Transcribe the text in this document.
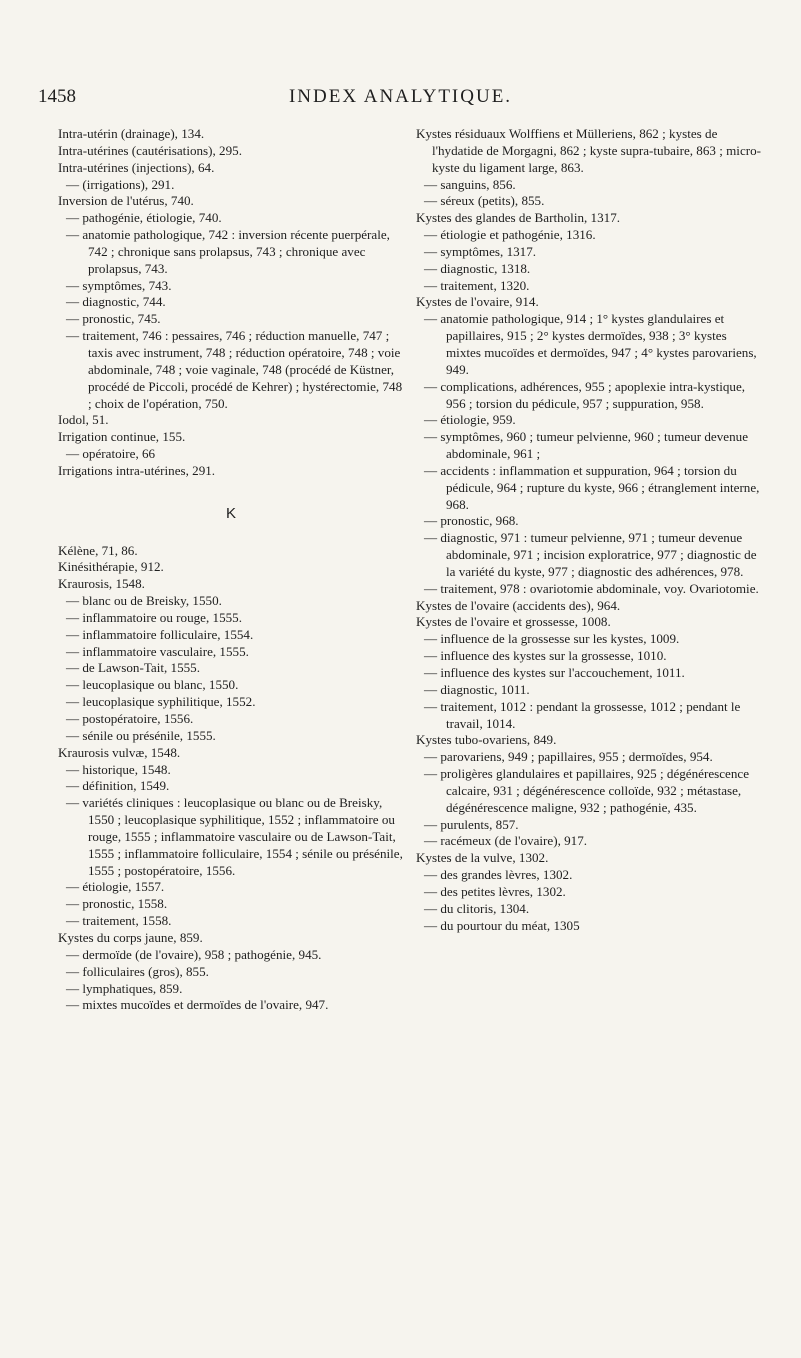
1458	INDEX ANALYTIQUE.
Intra-utérin (drainage), 134.
Intra-utérines (cautérisations), 295.
Intra-utérines (injections), 64.
— (irrigations), 291.
Inversion de l'utérus, 740.
— pathogénie, étiologie, 740.
— anatomie pathologique, 742 : inversion récente puerpérale, 742 ; chronique sans prolapsus, 743 ; chronique avec prolapsus, 743.
— symptômes, 743.
— diagnostic, 744.
— pronostic, 745.
— traitement, 746 : pessaires, 746 ; réduction manuelle, 747 ; taxis avec instrument, 748 ; réduction opératoire, 748 ; voie abdominale, 748 ; voie vaginale, 748 (procédé de Küstner, procédé de Piccoli, procédé de Kehrer) ; hystérectomie, 748 ; choix de l'opération, 750.
Iodol, 51.
Irrigation continue, 155.
— opératoire, 66
Irrigations intra-utérines, 291.
K
Kélène, 71, 86.
Kinésithérapie, 912.
Kraurosis, 1548.
— blanc ou de Breisky, 1550.
— inflammatoire ou rouge, 1555.
— inflammatoire folliculaire, 1554.
— inflammatoire vasculaire, 1555.
— de Lawson-Tait, 1555.
— leucoplasique ou blanc, 1550.
— leucoplasique syphilitique, 1552.
— postopératoire, 1556.
— sénile ou présénile, 1555.
Kraurosis vulvæ, 1548.
— historique, 1548.
— définition, 1549.
— variétés cliniques : leucoplasique ou blanc ou de Breisky, 1550 ; leucoplasique syphilitique, 1552 ; inflammatoire ou rouge, 1555 ; inflammatoire vasculaire ou de Lawson-Tait, 1555 ; inflammatoire folliculaire, 1554 ; sénile ou présénile, 1555 ; postopératoire, 1556.
— étiologie, 1557.
— pronostic, 1558.
— traitement, 1558.
Kystes du corps jaune, 859.
— dermoïde (de l'ovaire), 958 ; pathogénie, 945.
— folliculaires (gros), 855.
— lymphatiques, 859.
— mixtes mucoïdes et dermoïdes de l'ovaire, 947.
Kystes résiduaux Wolffiens et Mülleriens, 862 ; kystes de l'hydatide de Morgagni, 862 ; kyste supra-tubaire, 863 ; micro-kyste du ligament large, 863.
— sanguins, 856.
— séreux (petits), 855.
Kystes des glandes de Bartholin, 1317.
— étiologie et pathogénie, 1316.
— symptômes, 1317.
— diagnostic, 1318.
— traitement, 1320.
Kystes de l'ovaire, 914.
— anatomie pathologique, 914 ; 1° kystes glandulaires et papillaires, 915 ; 2° kystes dermoïdes, 938 ; 3° kystes mixtes mucoïdes et dermoïdes, 947 ; 4° kystes parovariens, 949.
— complications, adhérences, 955 ; apoplexie intra-kystique, 956 ; torsion du pédicule, 957 ; suppuration, 958.
— étiologie, 959.
— symptômes, 960 ; tumeur pelvienne, 960 ; tumeur devenue abdominale, 961 ;
— accidents : inflammation et suppuration, 964 ; torsion du pédicule, 964 ; rupture du kyste, 966 ; étranglement interne, 968.
— pronostic, 968.
— diagnostic, 971 : tumeur pelvienne, 971 ; tumeur devenue abdominale, 971 ; incision exploratrice, 977 ; diagnostic de la variété du kyste, 977 ; diagnostic des adhérences, 978.
— traitement, 978 : ovariotomie abdominale, voy. Ovariotomie.
Kystes de l'ovaire (accidents des), 964.
Kystes de l'ovaire et grossesse, 1008.
— influence de la grossesse sur les kystes, 1009.
— influence des kystes sur la grossesse, 1010.
— influence des kystes sur l'accouchement, 1011.
— diagnostic, 1011.
— traitement, 1012 : pendant la grossesse, 1012 ; pendant le travail, 1014.
Kystes tubo-ovariens, 849.
— parovariens, 949 ; papillaires, 955 ; dermoïdes, 954.
— proligères glandulaires et papillaires, 925 ; dégénérescence calcaire, 931 ; dégénérescence colloïde, 932 ; métastase, dégénérescence maligne, 932 ; pathogénie, 435.
— purulents, 857.
— racémeux (de l'ovaire), 917.
Kystes de la vulve, 1302.
— des grandes lèvres, 1302.
— des petites lèvres, 1302.
— du clitoris, 1304.
— du pourtour du méat, 1305
